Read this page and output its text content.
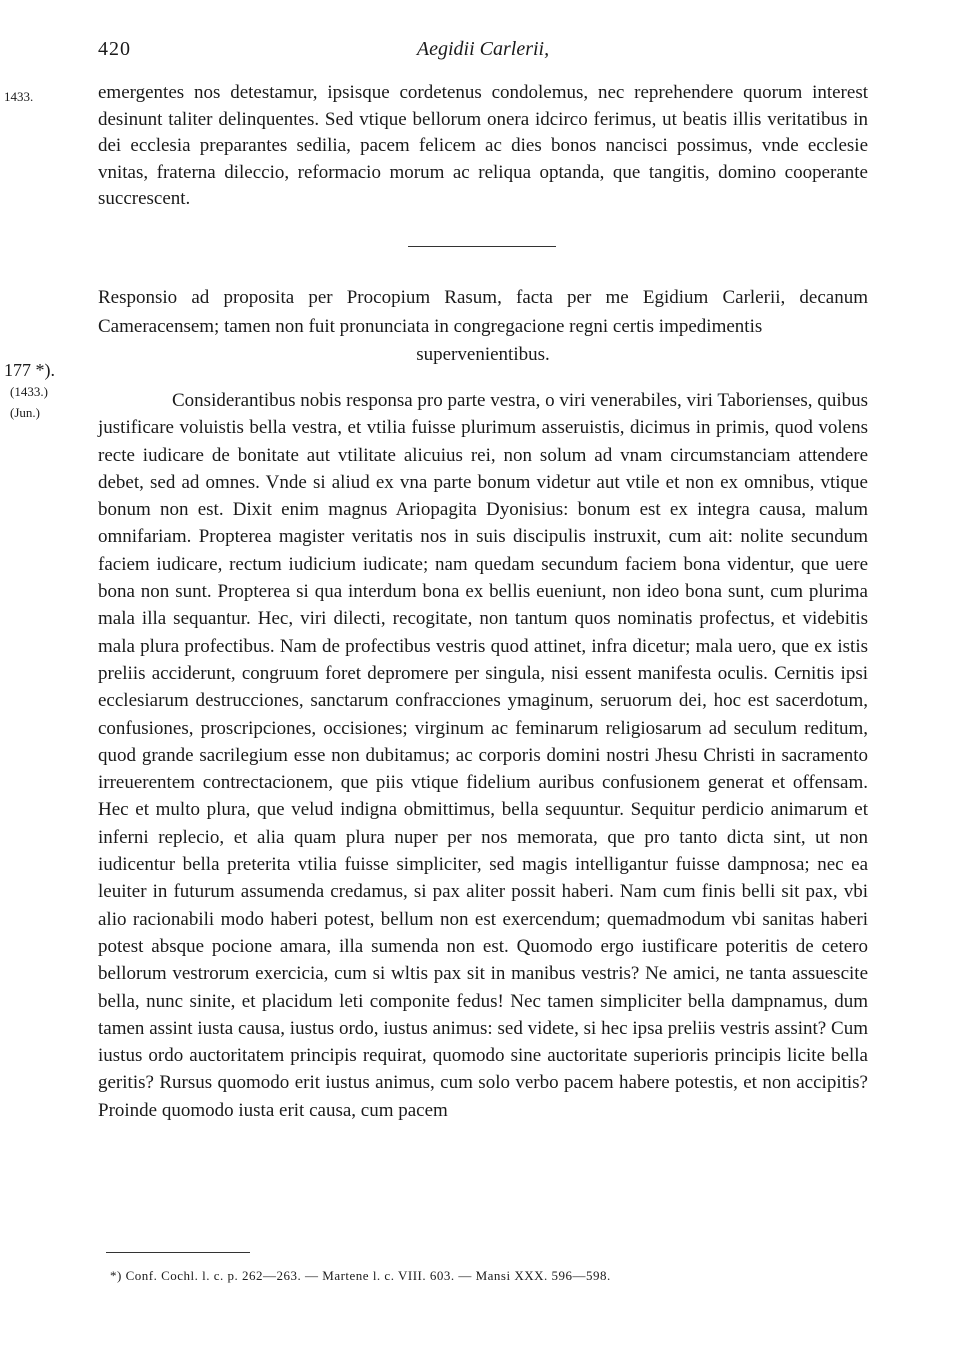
420	Aegidii Carlerii,
1433.	emergentes nos detestamur, ipsisque cordetenus condolemus, nec reprehendere quorum interest desinunt taliter delinquentes. Sed vtique bellorum onera idcirco ferimus, ut beatis illis veritatibus in dei ecclesia preparantes sedilia, pacem felicem ac dies bonos nancisci possimus, vnde ecclesie vnitas, fraterna dileccio, reformacio morum ac reliqua optanda, que tangitis, domino cooperante succrescent.

Responsio ad proposita per Procopium Rasum, facta per me Egidium Carlerii, decanum Cameracensem; tamen non fuit pronunciata in congregacione regni certis impedimentis
supervenientibus.
177 *).
(1433.)
(Jun.)

Considerantibus nobis responsa pro parte vestra, o viri venerabiles, viri Taborienses, quibus justificare voluistis bella vestra, et vtilia fuisse plurimum asseruistis, dicimus in primis, quod volens recte iudicare de bonitate aut vtilitate alicuius rei, non solum ad vnam circumstanciam attendere debet, sed ad omnes. Vnde si aliud ex vna parte bonum videtur aut vtile et non ex omnibus, vtique bonum non est. Dixit enim magnus Ariopagita Dyonisius: bonum est ex integra causa, malum omnifariam. Propterea magister veritatis nos in suis discipulis instruxit, cum ait: nolite secundum faciem iudicare, rectum iudicium iudicate; nam quedam secundum faciem bona videntur, que uere bona non sunt. Propterea si qua interdum bona ex bellis eueniunt, non ideo bona sunt, cum plurima mala illa sequantur. Hec, viri dilecti, recogitate, non tantum quos nominatis profectus, et videbitis mala plura profectibus. Nam de profectibus vestris quod attinet, infra dicetur; mala uero, que ex istis preliis acciderunt, congruum foret depromere per singula, nisi essent manifesta oculis. Cernitis ipsi ecclesiarum destrucciones, sanctarum confracciones ymaginum, seruorum dei, hoc est sacerdotum, confusiones, proscripciones, occisiones; virginum ac feminarum religiosarum ad seculum reditum, quod grande sacrilegium esse non dubitamus; ac corporis domini nostri Jhesu Christi in sacramento irreuerentem contrectacionem, que piis vtique fidelium auribus confusionem generat et offensam. Hec et multo plura, que velud indigna obmittimus, bella sequuntur. Sequitur perdicio animarum et inferni replecio, et alia quam plura nuper per nos memorata, que pro tanto dicta sint, ut non iudicentur bella preterita vtilia fuisse simpliciter, sed magis intelligantur fuisse dampnosa; nec ea leuiter in futurum assumenda credamus, si pax aliter possit haberi. Nam cum finis belli sit pax, vbi alio racionabili modo haberi potest, bellum non est exercendum; quemadmodum vbi sanitas haberi potest absque pocione amara, illa sumenda non est. Quomodo ergo iustificare poteritis de cetero bellorum vestrorum exercicia, cum si wltis pax sit in manibus vestris? Ne amici, ne tanta assuescite bella, nunc sinite, et placidum leti componite fedus! Nec tamen simpliciter bella dampnamus, dum tamen assint iusta causa, iustus ordo, iustus animus: sed videte, si hec ipsa preliis vestris assint? Cum iustus ordo auctoritatem principis requirat, quomodo sine auctoritate superioris principis licite bella geritis? Rursus quomodo erit iustus animus, cum solo verbo pacem habere potestis, et non accipitis? Proinde quomodo iusta erit causa, cum pacem

*) Conf. Cochl. l. c. p. 262—263. — Martene l. c. VIII. 603. — Mansi XXX. 596—598.
